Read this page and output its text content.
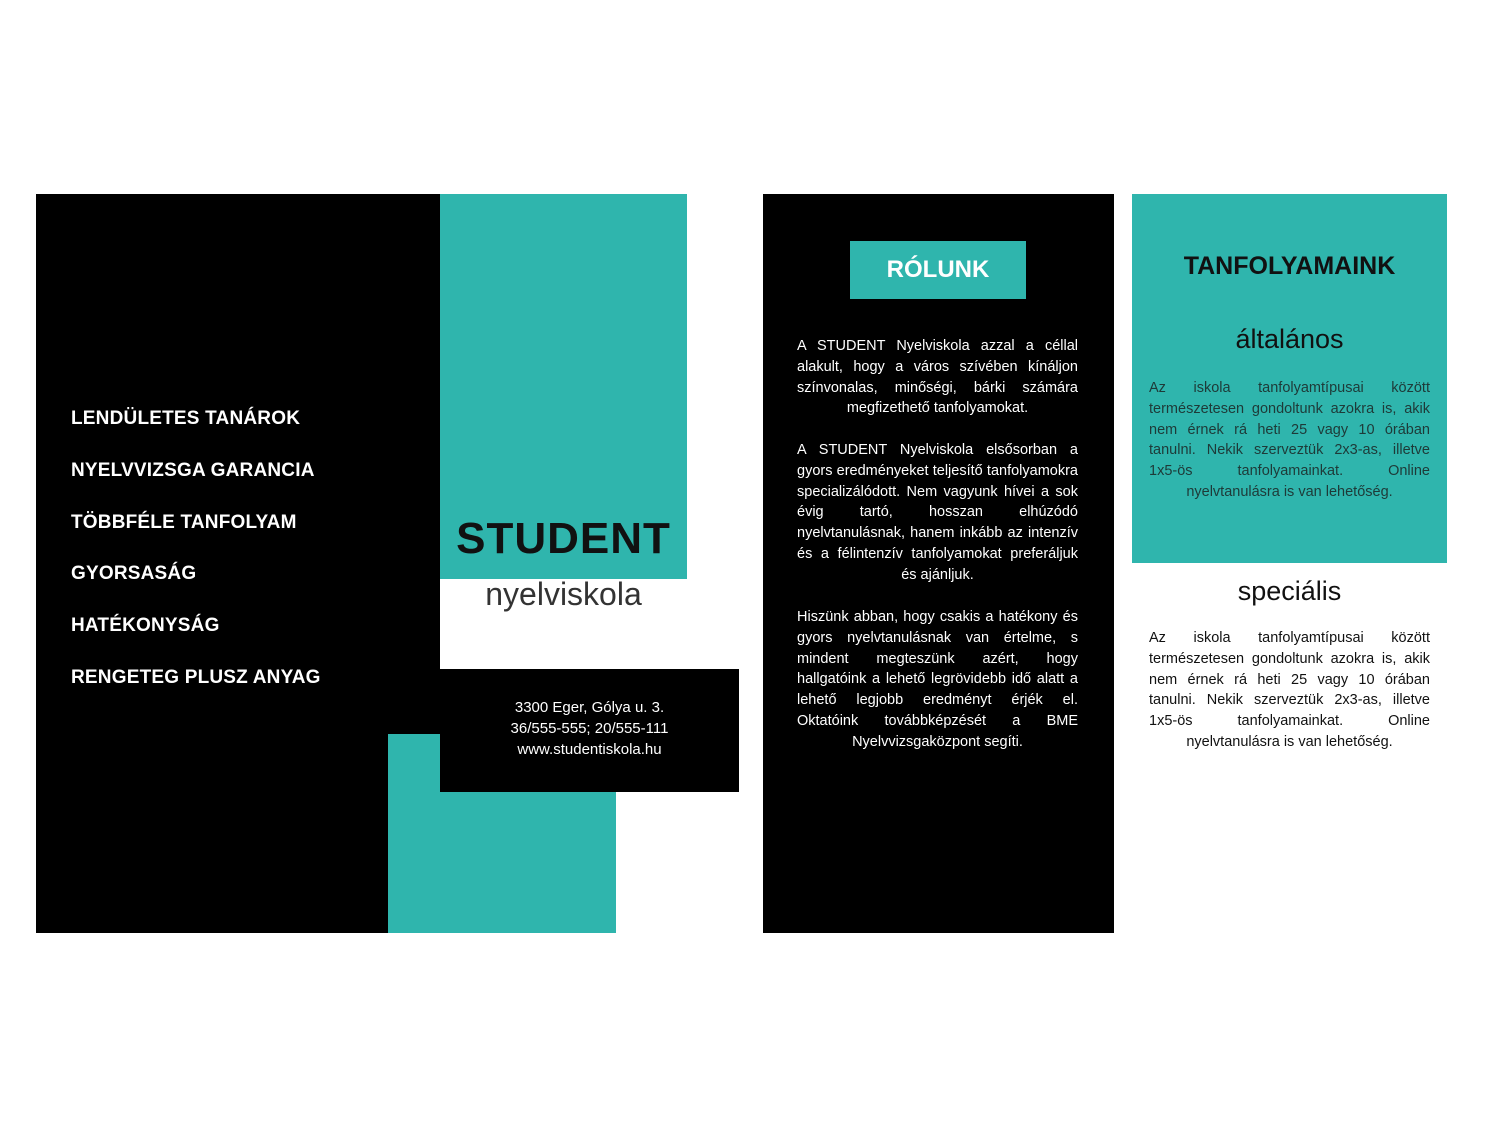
LENDÜLETES TANÁROK
NYELVVIZSGA GARANCIA
TÖBBFÉLE TANFOLYAM
GYORSASÁG
HATÉKONYSÁG
RENGETEG PLUSZ ANYAG
STUDENT
nyelviskola
3300 Eger, Gólya u. 3.
36/555-555; 20/555-111
www.studentiskola.hu
RÓLUNK
A STUDENT Nyelviskola azzal a céllal alakult, hogy a város szívében kínáljon színvonalas, minőségi, bárki számára megfizethető tanfolyamokat.
A STUDENT Nyelviskola elsősorban a gyors eredményeket teljesítő tanfolyamokra specializálódott. Nem vagyunk hívei a sok évig tartó, hosszan elhúzódó nyelvtanulásnak, hanem inkább az intenzív és a félintenzív tanfolyamokat preferáljuk és ajánljuk.
Hiszünk abban, hogy csakis a hatékony és gyors nyelvtanulásnak van értelme, s mindent megteszünk azért, hogy hallgatóink a lehető legrövidebb idő alatt a lehető legjobb eredményt érjék el. Oktatóink továbbképzését a BME Nyelvvizsgaközpont segíti.
TANFOLYAMAINK
általános
Az iskola tanfolyamtípusai között természetesen gondoltunk azokra is, akik nem érnek rá heti 25 vagy 10 órában tanulni. Nekik szerveztük 2x3-as, illetve 1x5-ös tanfolyamainkat. Online nyelvtanulásra is van lehetőség.
speciális
Az iskola tanfolyamtípusai között természetesen gondoltunk azokra is, akik nem érnek rá heti 25 vagy 10 órában tanulni. Nekik szerveztük 2x3-as, illetve 1x5-ös tanfolyamainkat. Online nyelvtanulásra is van lehetőség.
